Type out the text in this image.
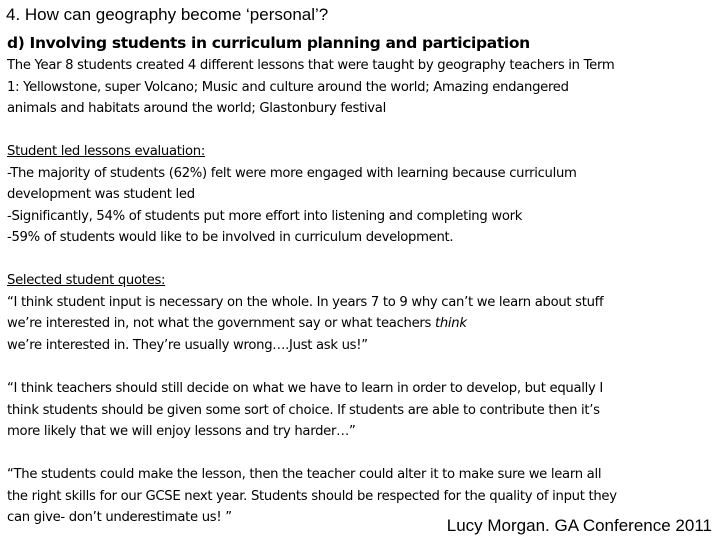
4. How can geography become ‘personal’?
d) Involving students in curriculum planning and participation
The Year 8 students created 4 different lessons that were taught by geography teachers in Term
1: Yellowstone, super Volcano; Music and culture around the world; Amazing endangered
animals and habitats around the world; Glastonbury festival
Student led lessons evaluation:
-The majority of students (62%) felt were more engaged with learning because curriculum
development was student led
-Significantly, 54% of students put more effort into listening and completing work
-59% of students would like to be involved in curriculum development.
Selected student quotes:
“I think student input is necessary on the whole. In years 7 to 9 why can’t we learn about stuff
we’re interested in, not what the government say or what teachers think
we’re interested in. They’re usually wrong….Just ask us!”
“I think teachers should still decide on what we have to learn in order to develop, but equally I
think students should be given some sort of choice. If students are able to contribute then it’s
more likely that we will enjoy lessons and try harder…”
“The students could make the lesson, then the teacher could alter it to make sure we learn all
the right skills for our GCSE next year. Students should be respected for the quality of input they
can give- don’t underestimate us! ”	Lucy Morgan. GA Conference 2011
